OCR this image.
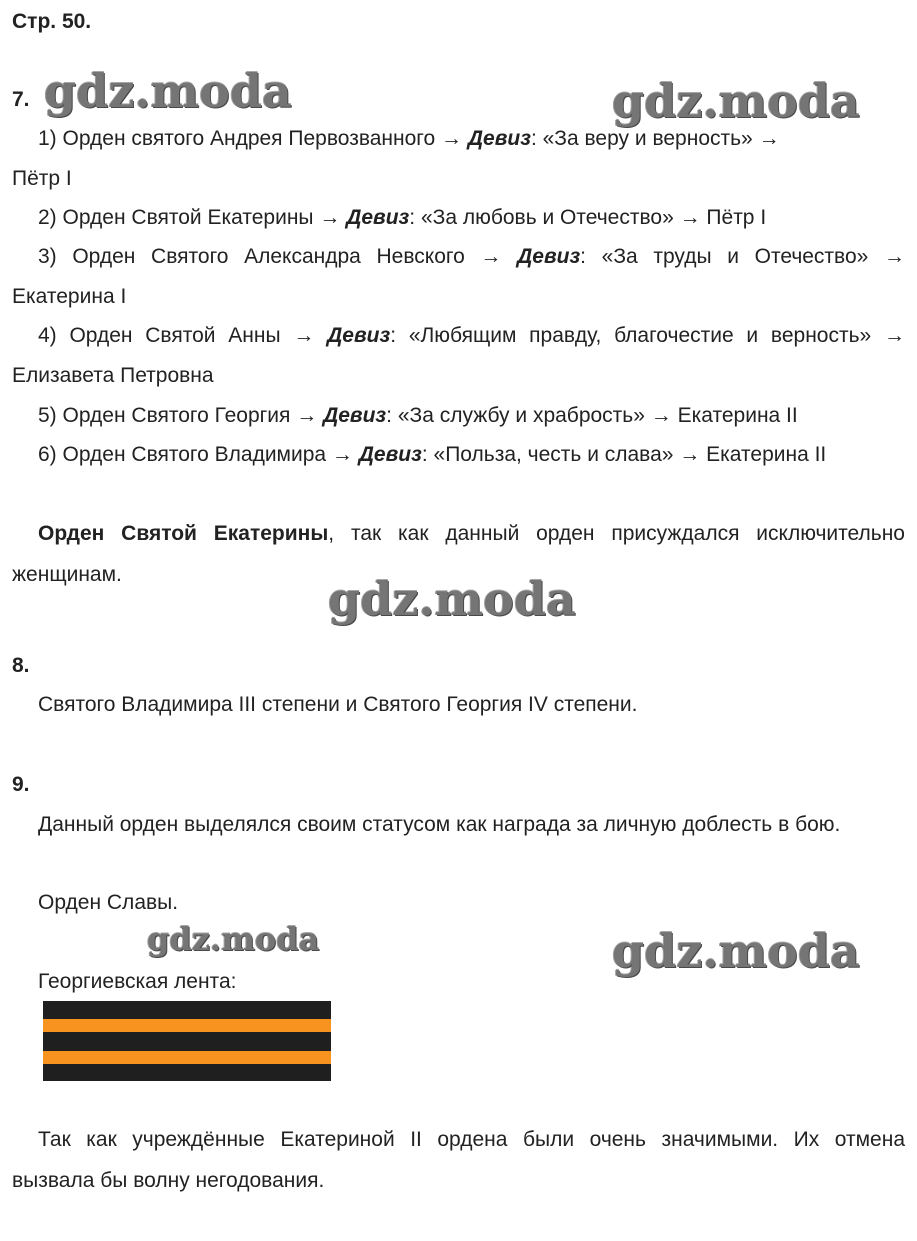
gdz.moda	gdz.moda
gdz.moda
gdz.moda	gdz.moda
Стр. 50.
7.
1) Орден святого Андрея Первозванного → Девиз: «За веру и верность» →
Пётр I
2) Орден Святой Екатерины → Девиз: «За любовь и Отечество» → Пётр I
3) Орден Святого Александра Невского → Девиз: «За труды и Отечество» →
Екатерина I
4) Орден Святой Анны → Девиз: «Любящим правду, благочестие и верность» →
Елизавета Петровна
5) Орден Святого Георгия → Девиз: «За службу и храбрость» → Екатерина II
6) Орден Святого Владимира → Девиз: «Польза, честь и слава» → Екатерина II
Орден Святой Екатерины, так как данный орден присуждался исключительно
женщинам.
8.
Святого Владимира III степени и Святого Георгия IV степени.
9.
Данный орден выделялся своим статусом как награда за личную доблесть в бою.
Орден Славы.
Георгиевская лента:
Так как учреждённые Екатериной II ордена были очень значимыми. Их отмена
вызвала бы волну негодования.
